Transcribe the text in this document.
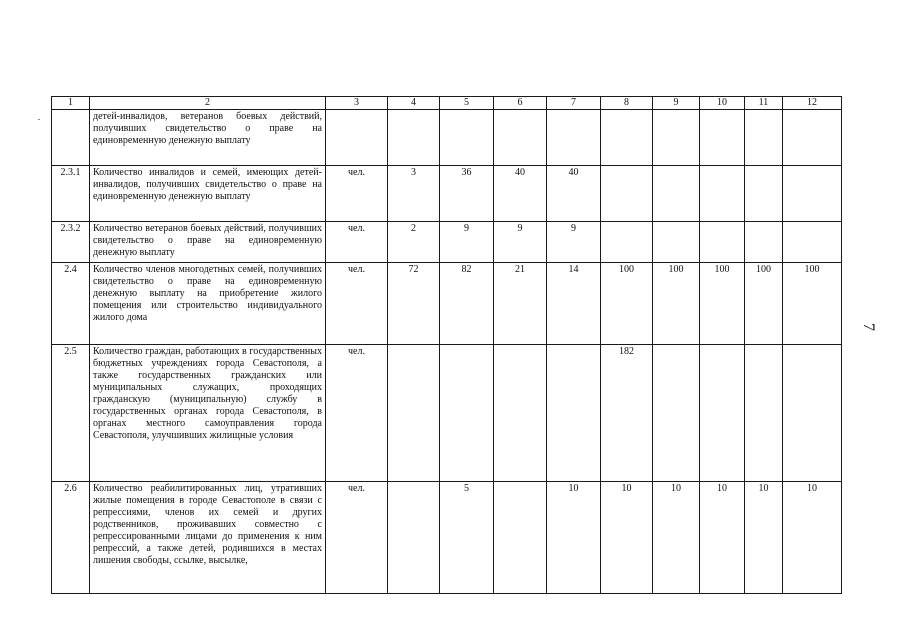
1	2	3	4	5	6	7	8	9	10	11	12
	детей-инвалидов, ветеранов боевых действий, получивших свидетельство о праве на единовременную денежную выплату										
2.3.1	Количество инвалидов и семей, имеющих детей-инвалидов, получивших свидетельство о праве на единовременную денежную выплату	чел.	3	36	40	40					
2.3.2	Количество ветеранов боевых действий, получивших свидетельство о праве на единовременную денежную выплату	чел.	2	9	9	9					
2.4	Количество членов многодетных семей, получивших свидетельство о праве на единовременную денежную выплату на приобретение жилого помещения или строительство индивидуального жилого дома	чел.	72	82	21	14	100	100	100	100	100
2.5	Количество граждан, работающих в государственных бюджетных учреждениях города Севастополя, а также государственных гражданских или муниципальных служащих, проходящих гражданскую (муниципальную) службу в государственных органах города Севастополя, в органах местного самоуправления города Севастополя, улучшивших жилищные условия	чел.					182				
2.6	Количество реабилитированных лиц, утративших жилые помещения в городе Севастополе в связи с репрессиями, членов их семей и других родственников, проживавших совместно с репрессированными лицами до применения к ним репрессий, а также детей, родившихся в местах лишения свободы, ссылке, высылке,	чел.		5		10	10	10	10	10	10
7
